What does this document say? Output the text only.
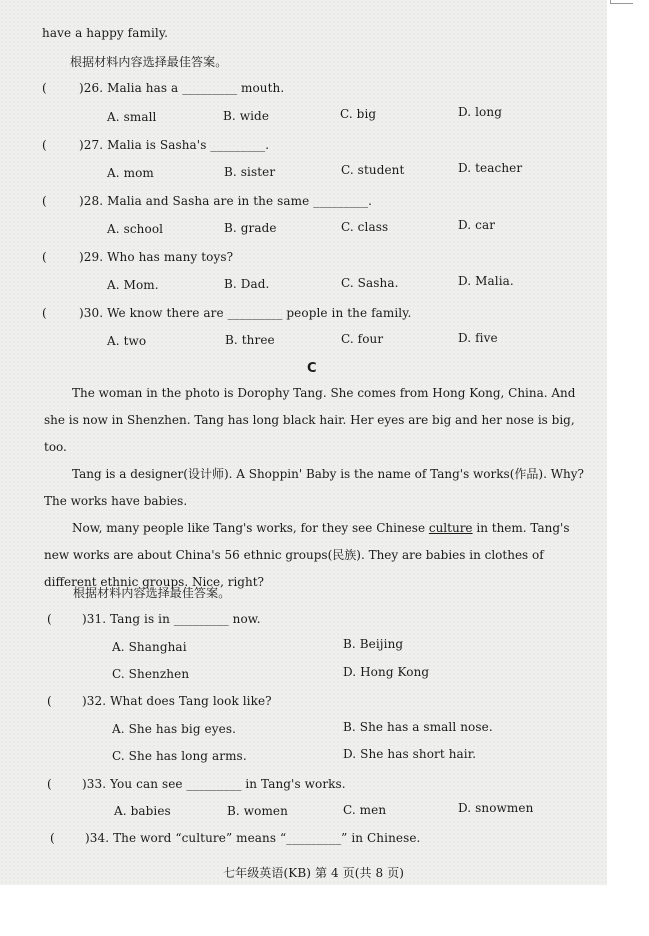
have a happy family.
根据材料内容选择最佳答案。
(	)26. Malia has a _________ mouth.
A. small	B. wide	C. big	D. long
(	)27. Malia is Sasha's _________.
A. mom	B. sister	C. student	D. teacher
(	)28. Malia and Sasha are in the same _________.
A. school	B. grade	C. class	D. car
(	)29. Who has many toys?
A. Mom.	B. Dad.	C. Sasha.	D. Malia.
(	)30. We know there are _________ people in the family.
A. two	B. three	C. four	D. five
C

The woman in the photo is Dorophy Tang. She comes from Hong Kong, China. And she is now in Shenzhen. Tang has long black hair. Her eyes are big and her nose is big, too.

Tang is a designer(设计师). A Shoppin' Baby is the name of Tang's works(作品). Why? The works have babies.

Now, many people like Tang's works, for they see Chinese culture in them. Tang's new works are about China's 56 ethnic groups(民族). They are babies in clothes of different ethnic groups. Nice, right?

根据材料内容选择最佳答案。
(	)31. Tang is in _________ now.
A. Shanghai	B. Beijing
C. Shenzhen	D. Hong Kong
(	)32. What does Tang look like?
A. She has big eyes.	B. She has a small nose.
C. She has long arms.	D. She has short hair.
(	)33. You can see _________ in Tang's works.
A. babies	B. women	C. men	D. snowmen
(	)34. The word “culture” means “_________” in Chinese.
七年级英语(KB) 第 4 页(共 8 页)
